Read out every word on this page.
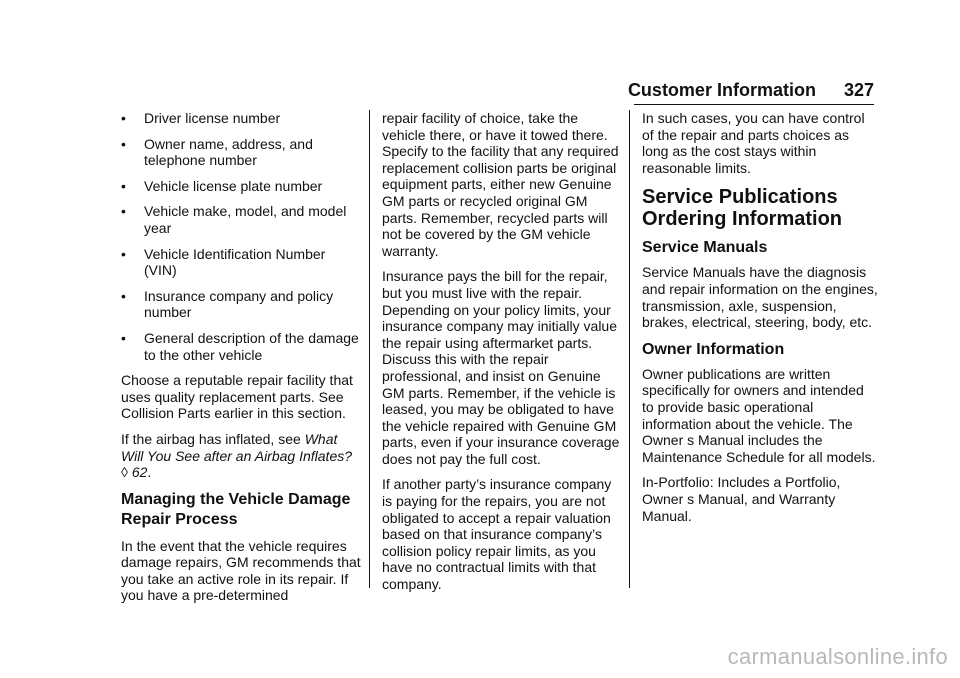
Customer Information 327
•	Driver license number
•	Owner name, address, and telephone number
•	Vehicle license plate number
•	Vehicle make, model, and model year
•	Vehicle Identification Number (VIN)
•	Insurance company and policy number
•	General description of the damage to the other vehicle

Choose a reputable repair facility that uses quality replacement parts. See Collision Parts earlier in this section.

If the airbag has inflated, see What Will You See after an Airbag Inflates? ◊ 62.

Managing the Vehicle Damage Repair Process

In the event that the vehicle requires damage repairs, GM recommends that you take an active role in its repair. If you have a pre-determined

repair facility of choice, take the vehicle there, or have it towed there. Specify to the facility that any required replacement collision parts be original equipment parts, either new Genuine GM parts or recycled original GM parts. Remember, recycled parts will not be covered by the GM vehicle warranty.

Insurance pays the bill for the repair, but you must live with the repair. Depending on your policy limits, your insurance company may initially value the repair using aftermarket parts. Discuss this with the repair professional, and insist on Genuine GM parts. Remember, if the vehicle is leased, you may be obligated to have the vehicle repaired with Genuine GM parts, even if your insurance coverage does not pay the full cost.

If another party’s insurance company is paying for the repairs, you are not obligated to accept a repair valuation based on that insurance company’s collision policy repair limits, as you have no contractual limits with that company.

In such cases, you can have control of the repair and parts choices as long as the cost stays within reasonable limits.

Service Publications Ordering Information
Service Manuals

Service Manuals have the diagnosis and repair information on the engines, transmission, axle, suspension, brakes, electrical, steering, body, etc.

Owner Information

Owner publications are written specifically for owners and intended to provide basic operational information about the vehicle. The Owner s Manual includes the Maintenance Schedule for all models.

In-Portfolio: Includes a Portfolio, Owner s Manual, and Warranty Manual.

carmanualsonline.info
